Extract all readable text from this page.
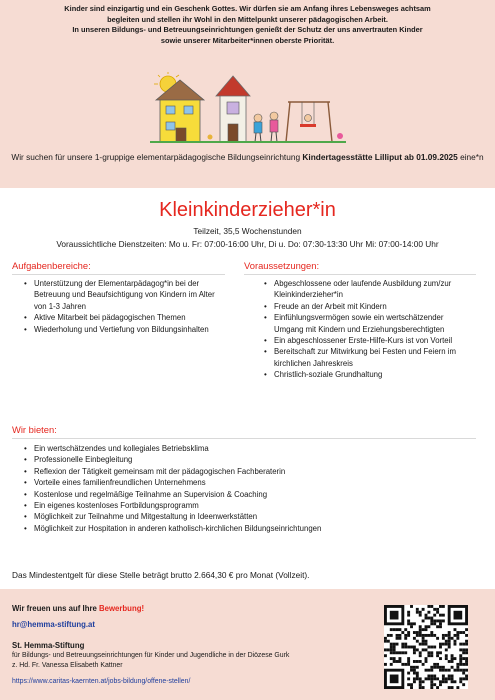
Kinder sind einzigartig und ein Geschenk Gottes. Wir dürfen sie am Anfang ihres Lebensweges achtsam
begleiten und stellen ihr Wohl in den Mittelpunkt unserer pädagogischen Arbeit.
In unseren Bildungs- und Betreuungseinrichtungen genießt der Schutz der uns anvertrauten Kinder
sowie unserer Mitarbeiter*innen oberste Priorität.
Wir suchen für unsere 1-gruppige elementarpädagogische Bildungseinrichtung Kindertagesstätte Lilliput ab 01.09.2025 eine*n
Kleinkinderzieher*in
Teilzeit, 35,5 Wochenstunden
Voraussichtliche Dienstzeiten: Mo u. Fr: 07:00-16:00 Uhr, Di u. Do: 07:30-13:30 Uhr Mi: 07:00-14:00 Uhr
Aufgabenbereiche:
• Unterstützung der Elementarpädagog*in bei der Betreuung und Beaufsichtigung von Kindern im Alter von 1-3 Jahren
• Aktive Mitarbeit bei pädagogischen Themen
• Wiederholung und Vertiefung von Bildungsinhalten
Voraussetzungen:
• Abgeschlossene oder laufende Ausbildung zum/zur Kleinkinderzieher*in
• Freude an der Arbeit mit Kindern
• Einfühlungsvermögen sowie ein wertschätzender Umgang mit Kindern und Erziehungsberechtigten
• Ein abgeschlossener Erste-Hilfe-Kurs ist von Vorteil
• Bereitschaft zur Mitwirkung bei Festen und Feiern im kirchlichen Jahreskreis
• Christlich-soziale Grundhaltung
Wir bieten:
• Ein wertschätzendes und kollegiales Betriebsklima
• Professionelle Einbegleitung
• Reflexion der Tätigkeit gemeinsam mit der pädagogischen Fachberaterin
• Vorteile eines familienfreundlichen Unternehmens
• Kostenlose und regelmäßige Teilnahme an Supervision & Coaching
• Ein eigenes kostenloses Fortbildungsprogramm
• Möglichkeit zur Teilnahme und Mitgestaltung in Ideenwerkstätten
• Möglichkeit zur Hospitation in anderen katholisch-kirchlichen Bildungseinrichtungen
Das Mindestentgelt für diese Stelle beträgt brutto 2.664,30 € pro Monat (Vollzeit).
Wir freuen uns auf Ihre Bewerbung!
hr@hemma-stiftung.at
St. Hemma-Stiftung
für Bildungs- und Betreuungseinrichtungen für Kinder und Jugendliche in der Diözese Gurk
z. Hd. Fr. Vanessa Elisabeth Kattner
https://www.caritas-kaernten.at/jobs-bildung/offene-stellen/
